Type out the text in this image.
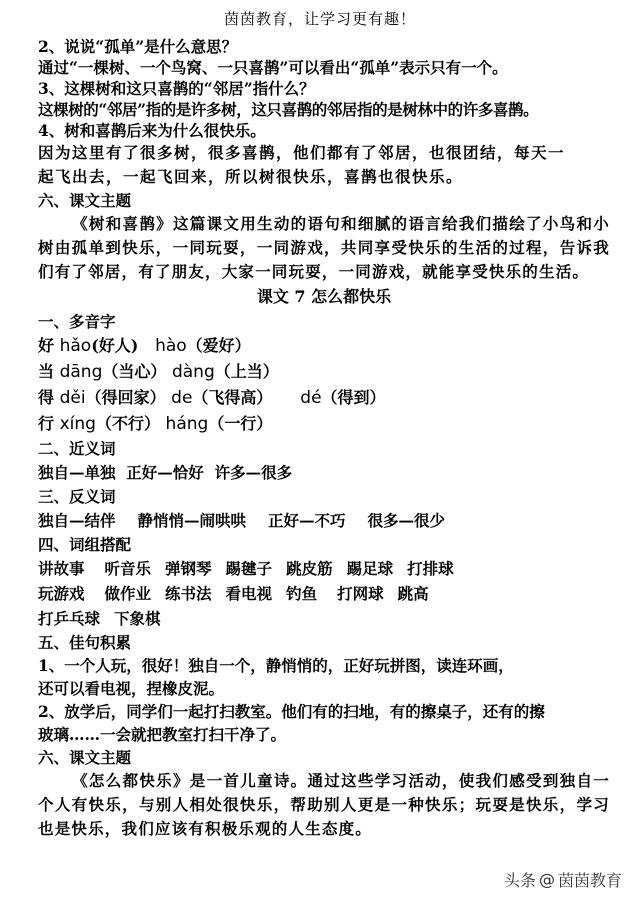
茵茵教育，让学习更有趣！
2、说说“孤单”是什么意思？
通过“一棵树、一个鸟窝、一只喜鹊”可以看出“孤单”表示只有一个。
3、这棵树和这只喜鹊的“邻居”指什么？
这棵树的“邻居”指的是许多树，这只喜鹊的邻居指的是树林中的许多喜鹊。
4、树和喜鹊后来为什么很快乐。
因为这里有了很多树，很多喜鹊，他们都有了邻居，也很团结，每天一
起飞出去，一起飞回来，所以树很快乐，喜鹊也很快乐。
六、课文主题
《树和喜鹊》这篇课文用生动的语句和细腻的语言给我们描绘了小鸟和小树由孤单到快乐，一同玩耍，一同游戏，共同享受快乐的生活的过程，告诉我们有了邻居，有了朋友，大家一同玩耍，一同游戏，就能享受快乐的生活。
课文 7 怎么都快乐
一、多音字
好 hǎo(好人) hào（爱好）
当 dāng（当心） dàng（上当）
得 děi（得回家） de（飞得高） dé（得到）
行 xíng（不行） háng（一行）
二、近义词
独自—单独  正好—恰好  许多—很多
三、反义词
独自—结伴 静悄悄—闹哄哄 正好—不巧 很多—很少
四、词组搭配
讲故事 听音乐 弹钢琴 踢毽子 跳皮筋 踢足球 打排球
玩游戏 做作业 练书法 看电视 钓鱼 打网球 跳高
打乒乓球 下象棋
五、佳句积累
1、一个人玩，很好！独自一个，静悄悄的，正好玩拼图，读连环画，
还可以看电视，捏橡皮泥。
2、放学后，同学们一起打扫教室。他们有的扫地，有的擦桌子，还有的擦
玻璃……一会就把教室打扫干净了。
六、课文主题
《怎么都快乐》是一首儿童诗。通过这些学习活动，使我们感受到独自一个人有快乐，与别人相处很快乐，帮助别人更是一种快乐；玩耍是快乐，学习也是快乐，我们应该有积极乐观的人生态度。
头条 @ 茵茵教育
